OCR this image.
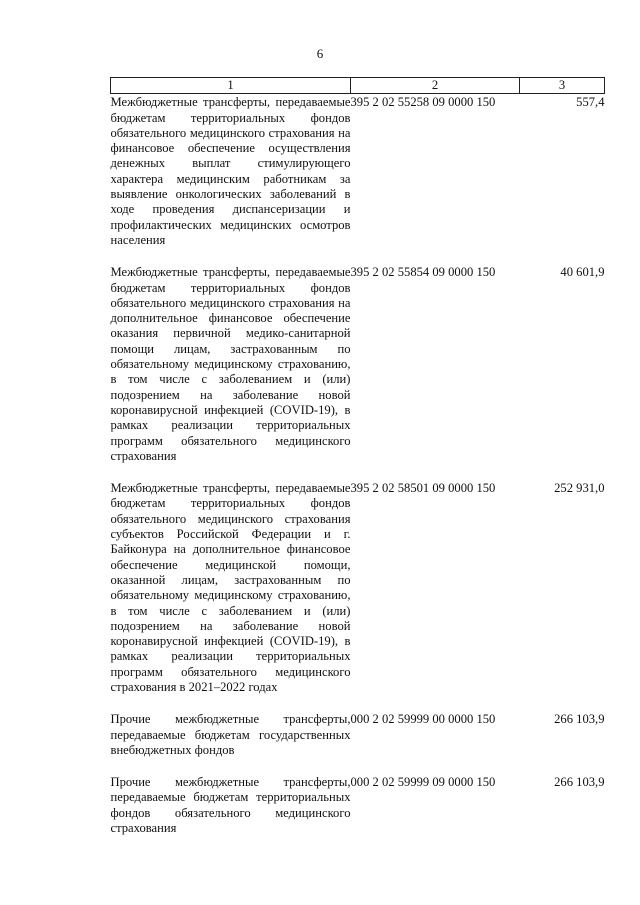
6
1	2	3
Межбюджетные трансферты, передаваемые бюджетам территориальных фондов обязательного медицинского страхования на финансовое обеспечение осуществления денежных выплат стимулирующего характера медицинским работникам за выявление онкологических заболеваний в ходе проведения диспансеризации и профилактических медицинских осмотров населения	395 2 02 55258 09 0000 150	557,4
Межбюджетные трансферты, передаваемые бюджетам территориальных фондов обязательного медицинского страхования на дополнительное финансовое обеспечение оказания первичной медико-санитарной помощи лицам, застрахованным по обязательному медицинскому страхованию, в том числе с заболеванием и (или) подозрением на заболевание новой коронавирусной инфекцией (COVID-19), в рамках реализации территориальных программ обязательного медицинского страхования	395 2 02 55854 09 0000 150	40 601,9
Межбюджетные трансферты, передаваемые бюджетам территориальных фондов обязательного медицинского страхования субъектов Российской Федерации и г. Байконура на дополнительное финансовое обеспечение медицинской помощи, оказанной лицам, застрахованным по обязательному медицинскому страхованию, в том числе с заболеванием и (или) подозрением на заболевание новой коронавирусной инфекцией (COVID-19), в рамках реализации территориальных программ обязательного медицинского страхования в 2021–2022 годах	395 2 02 58501 09 0000 150	252 931,0
Прочие межбюджетные трансферты, передаваемые бюджетам государственных внебюджетных фондов	000 2 02 59999 00 0000 150	266 103,9
Прочие межбюджетные трансферты, передаваемые бюджетам территориальных фондов обязательного медицинского страхования	000 2 02 59999 09 0000 150	266 103,9
